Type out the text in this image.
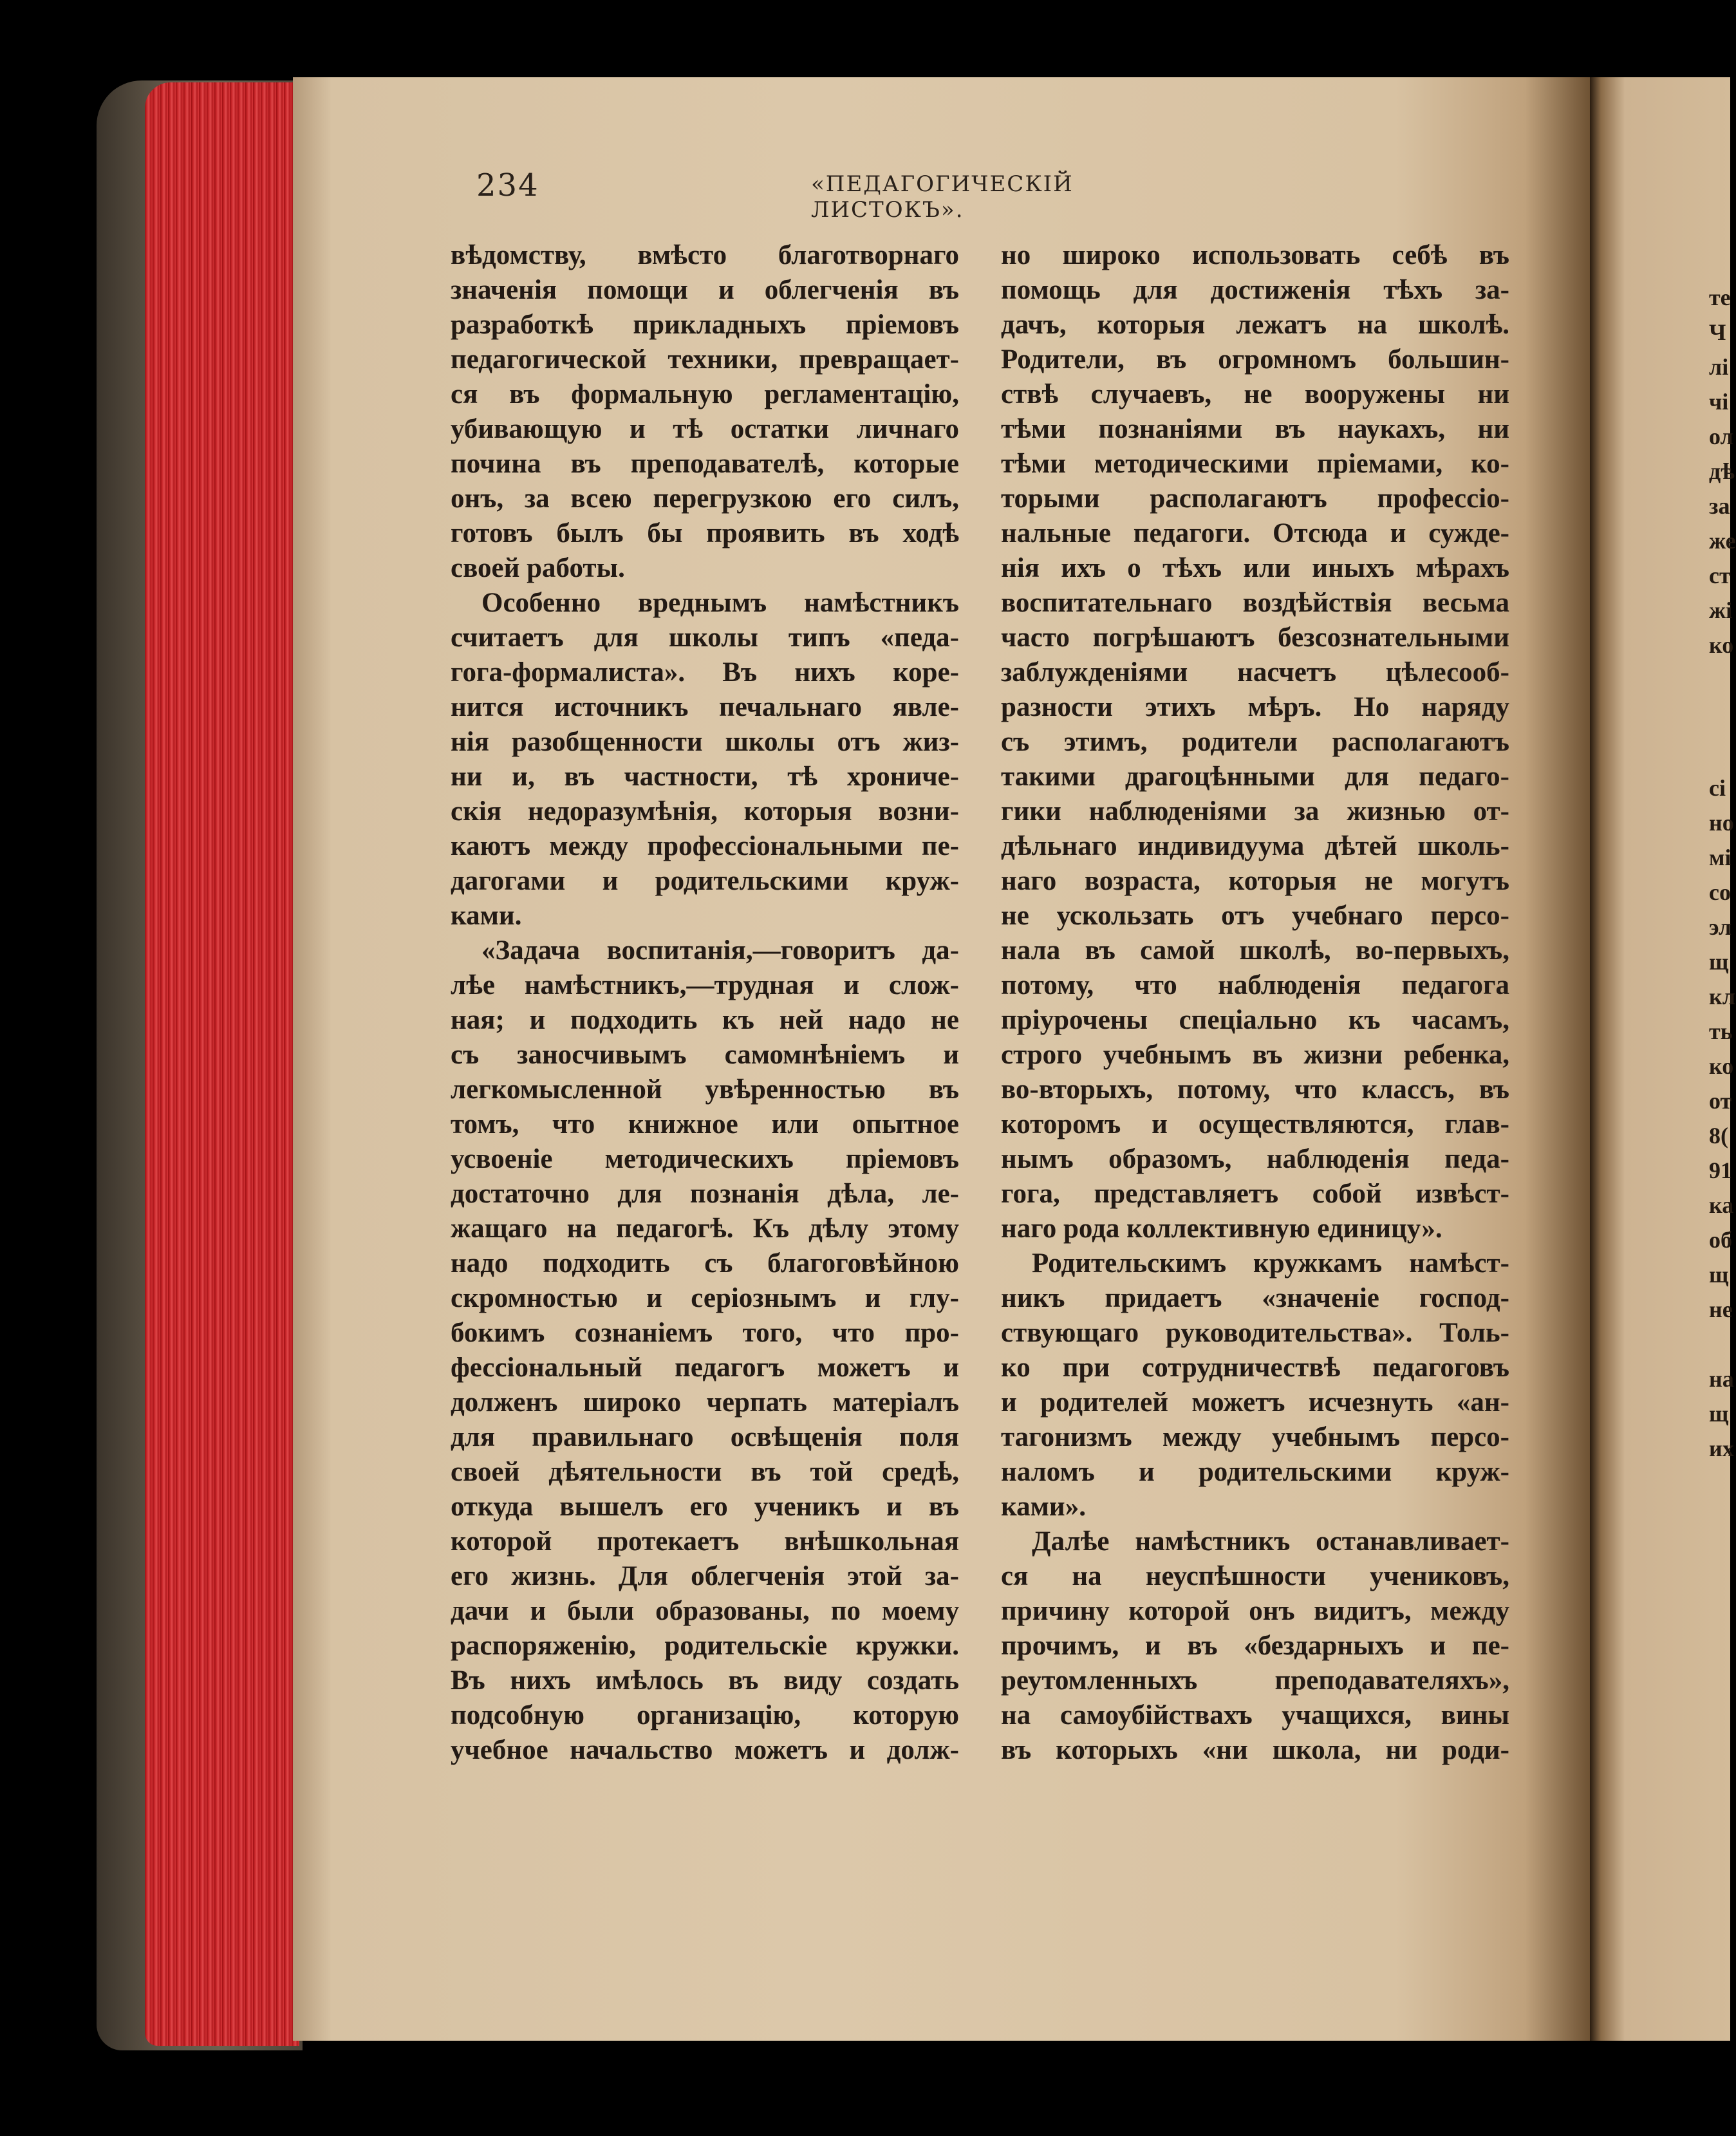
234	«ПЕДАГОГИЧЕСКІЙ ЛИСТОКЪ».
вѣдомству, вмѣсто благотворнаго
значенія помощи и облегченія въ
разработкѣ прикладныхъ пріемовъ
педагогической техники, превращает-
ся въ формальную регламентацію,
убивающую и тѣ остатки личнаго
почина въ преподавателѣ, которые
онъ, за всею перегрузкою его силъ,
готовъ былъ бы проявить въ ходѣ
своей работы.
Особенно вреднымъ намѣстникъ
считаетъ для школы типъ «педа-
гога-формалиста». Въ нихъ коре-
нится источникъ печальнаго явле-
нія разобщенности школы отъ жиз-
ни и, въ частности, тѣ хрониче-
скія недоразумѣнія, которыя возни-
каютъ между профессіональными пе-
дагогами и родительскими круж-
ками.
«Задача воспитанія,—говоритъ да-
лѣе намѣстникъ,—трудная и слож-
ная; и подходить къ ней надо не
съ заносчивымъ самомнѣніемъ и
легкомысленной увѣренностью въ
томъ, что книжное или опытное
усвоеніе методическихъ пріемовъ
достаточно для познанія дѣла, ле-
жащаго на педагогѣ. Къ дѣлу этому
надо подходить съ благоговѣйною
скромностью и серіознымъ и глу-
бокимъ сознаніемъ того, что про-
фессіональный педагогъ можетъ и
долженъ широко черпать матеріалъ
для правильнаго освѣщенія поля
своей дѣятельности въ той средѣ,
откуда вышелъ его ученикъ и въ
которой протекаетъ внѣшкольная
его жизнь. Для облегченія этой за-
дачи и были образованы, по моему
распоряженію, родительскіе кружки.
Въ нихъ имѣлось въ виду создать
подсобную организацію, которую
учебное начальство можетъ и долж-
но широко использовать себѣ въ
помощь для достиженія тѣхъ за-
дачъ, которыя лежатъ на школѣ.
Родители, въ огромномъ большин-
ствѣ случаевъ, не вооружены ни
тѣми познаніями въ наукахъ, ни
тѣми методическими пріемами, ко-
торыми располагаютъ профессіо-
нальные педагоги. Отсюда и сужде-
нія ихъ о тѣхъ или иныхъ мѣрахъ
воспитательнаго воздѣйствія весьма
часто погрѣшаютъ безсознательными
заблужденіями насчетъ цѣлесооб-
разности этихъ мѣръ. Но наряду
съ этимъ, родители располагаютъ
такими драгоцѣнными для педаго-
гики наблюденіями за жизнью от-
дѣльнаго индивидуума дѣтей школь-
наго возраста, которыя не могутъ
не ускользать отъ учебнаго персо-
нала въ самой школѣ, во-первыхъ,
потому, что наблюденія педагога
пріурочены спеціально къ часамъ,
строго учебнымъ въ жизни ребенка,
во-вторыхъ, потому, что классъ, въ
которомъ и осуществляются, глав-
нымъ образомъ, наблюденія педа-
гога, представляетъ собой извѣст-
наго рода коллективную единицу».
Родительскимъ кружкамъ намѣст-
никъ придаетъ «значеніе господ-
ствующаго руководительства». Толь-
ко при сотрудничествѣ педагоговъ
и родителей можетъ исчезнуть «ан-
тагонизмъ между учебнымъ персо-
наломъ и родительскими круж-
ками».
Далѣе намѣстникъ останавливает-
ся на неуспѣшности учениковъ,
причину которой онъ видитъ, между
прочимъ, и въ «бездарныхъ и пе-
реутомленныхъ преподавателяхъ»,
на самоубійствахъ учащихся, вины
въ которыхъ «ни школа, ни роди-
те
Ч
лі
чі
ол
дѣ
за
же
ст
жі
ко
сі
но
мі
со
эл
щ
кл
ть
ко
от
8(
91
ка
об
щ
не
на
щ
их
